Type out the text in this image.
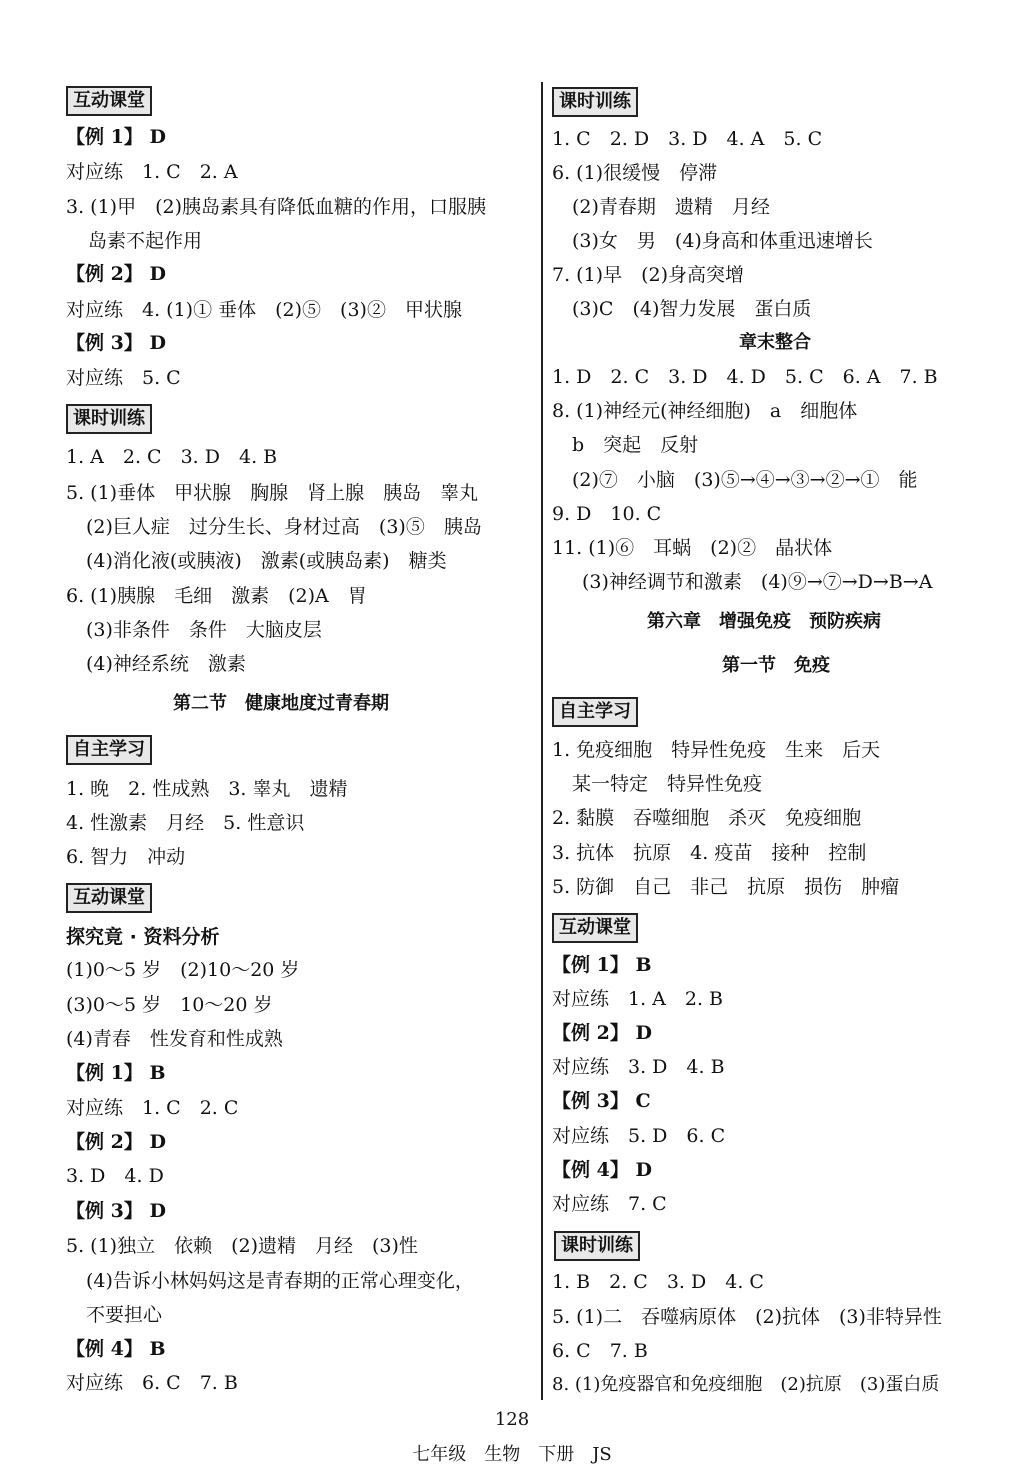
互动课堂
【例 1】 D
对应练　1. C　2. A
3. (1)甲　(2)胰岛素具有降低血糖的作用，口服胰
岛素不起作用
【例 2】 D
对应练　4. (1)① 垂体　(2)⑤　(3)②　甲状腺
【例 3】 D
对应练　5. C
课时训练
1. A　2. C　3. D　4. B
5. (1)垂体　甲状腺　胸腺　肾上腺　胰岛　睾丸
(2)巨人症　过分生长、身材过高　(3)⑤　胰岛
(4)消化液(或胰液)　激素(或胰岛素)　糖类
6. (1)胰腺　毛细　激素　(2)A　胃
(3)非条件　条件　大脑皮层
(4)神经系统　激素
第二节　健康地度过青春期
自主学习
1. 晚　2. 性成熟　3. 睾丸　遗精
4. 性激素　月经　5. 性意识
6. 智力　冲动
互动课堂
探究竟 · 资料分析
(1)0～5 岁　(2)10～20 岁
(3)0～5 岁　10～20 岁
(4)青春　性发育和性成熟
【例 1】 B
对应练　1. C　2. C
【例 2】 D
3. D　4. D
【例 3】 D
5. (1)独立　依赖　(2)遗精　月经　(3)性
(4)告诉小林妈妈这是青春期的正常心理变化，
不要担心
【例 4】 B
对应练　6. C　7. B
课时训练
1. C　2. D　3. D　4. A　5. C
6. (1)很缓慢　停滞
(2)青春期　遗精　月经
(3)女　男　(4)身高和体重迅速增长
7. (1)早　(2)身高突增
(3)C　(4)智力发展　蛋白质
章末整合
1. D　2. C　3. D　4. D　5. C　6. A　7. B
8. (1)神经元(神经细胞)　a　细胞体
b　突起　反射
(2)⑦　小脑　(3)⑤→④→③→②→①　能
9. D　10. C
11. (1)⑥　耳蜗　(2)②　晶状体
(3)神经调节和激素　(4)⑨→⑦→D→B→A
第六章　增强免疫　预防疾病
第一节　免疫
自主学习
1. 免疫细胞　特异性免疫　生来　后天
某一特定　特异性免疫
2. 黏膜　吞噬细胞　杀灭　免疫细胞
3. 抗体　抗原　4. 疫苗　接种　控制
5. 防御　自己　非己　抗原　损伤　肿瘤
互动课堂
【例 1】 B
对应练　1. A　2. B
【例 2】 D
对应练　3. D　4. B
【例 3】 C
对应练　5. D　6. C
【例 4】 D
对应练　7. C
课时训练
1. B　2. C　3. D　4. C
5. (1)二　吞噬病原体　(2)抗体　(3)非特异性
6. C　7. B
8. (1)免疫器官和免疫细胞　(2)抗原　(3)蛋白质
128
七年级　生物　下册　JS
